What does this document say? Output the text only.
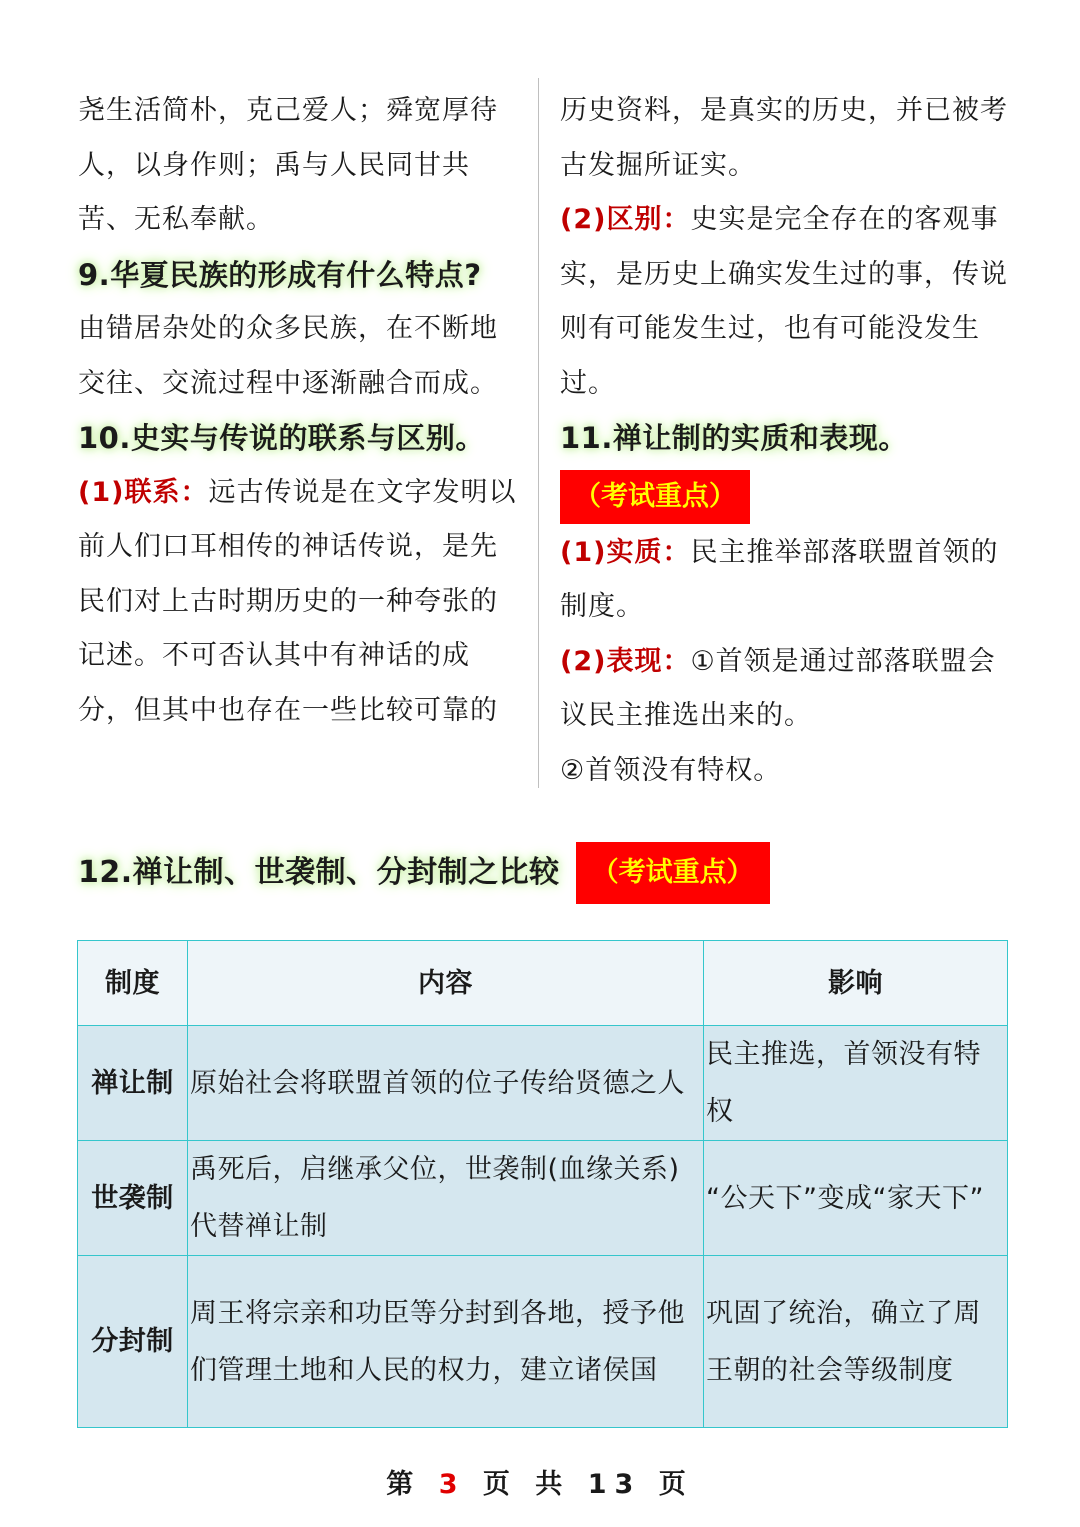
尧生活简朴，克己爱人；舜宽厚待人，以身作则；禹与人民同甘共苦、无私奉献。

9.华夏民族的形成有什么特点?

由错居杂处的众多民族，在不断地交往、交流过程中逐渐融合而成。

10.史实与传说的联系与区别。

(1)联系：远古传说是在文字发明以前人们口耳相传的神话传说，是先民们对上古时期历史的一种夸张的记述。不可否认其中有神话的成分，但其中也存在一些比较可靠的

历史资料，是真实的历史，并已被考古发掘所证实。

(2)区别：史实是完全存在的客观事实，是历史上确实发生过的事，传说则有可能发生过，也有可能没发生过。

11.禅让制的实质和表现。
（考试重点）

(1)实质：民主推举部落联盟首领的制度。

(2)表现：①首领是通过部落联盟会议民主推选出来的。

②首领没有特权。

12.禅让制、世袭制、分封制之比较	（考试重点）
制度	内容	影响
禅让制	原始社会将联盟首领的位子传给贤德之人	民主推选，首领没有特权
世袭制	禹死后，启继承父位，世袭制(血缘关系)代替禅让制	“公天下”变成“家天下”
分封制	周王将宗亲和功臣等分封到各地，授予他们管理土地和人民的权力，建立诸侯国	巩固了统治，确立了周王朝的社会等级制度
第 3 页 共 13 页
